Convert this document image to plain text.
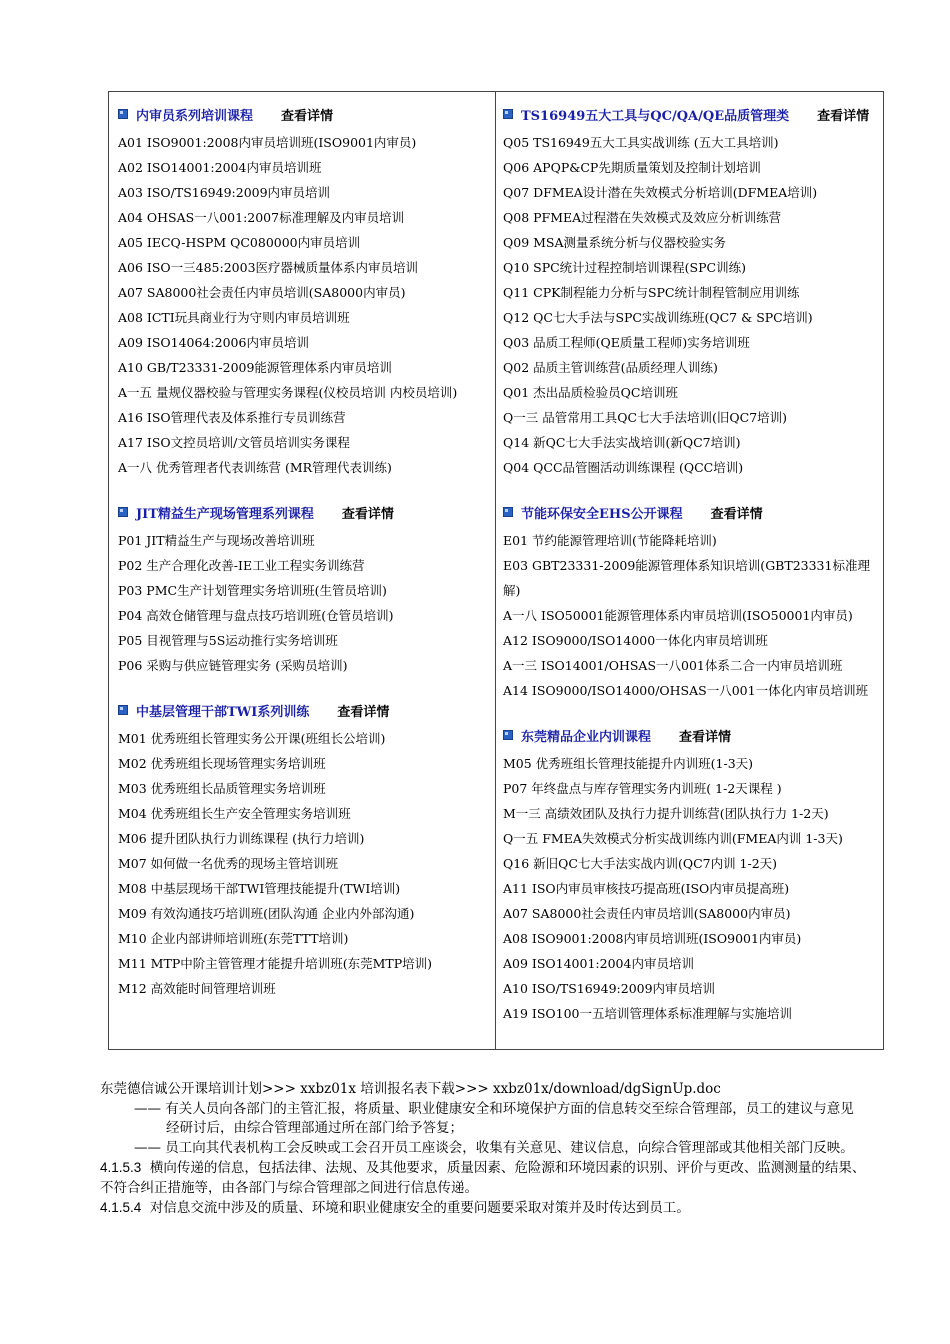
内审员系列培训课程 查看详情
A01 ISO9001:2008内审员培训班(ISO9001内审员)
A02 ISO14001:2004内审员培训班
A03 ISO/TS16949:2009内审员培训
A04 OHSAS一八001:2007标准理解及内审员培训
A05 IECQ-HSPM QC080000内审员培训
A06 ISO一三485:2003医疗器械质量体系内审员培训
A07 SA8000社会责任内审员培训(SA8000内审员)
A08 ICTI玩具商业行为守则内审员培训班
A09 ISO14064:2006内审员培训
A10 GB/T23331-2009能源管理体系内审员培训
A一五 量规仪器校验与管理实务课程(仪校员培训 内校员培训)
A16 ISO管理代表及体系推行专员训练营
A17 ISO文控员培训/文管员培训实务课程
A一八 优秀管理者代表训练营 (MR管理代表训练)
JIT精益生产现场管理系列课程 查看详情
P01 JIT精益生产与现场改善培训班
P02 生产合理化改善-IE工业工程实务训练营
P03 PMC生产计划管理实务培训班(生管员培训)
P04 高效仓储管理与盘点技巧培训班(仓管员培训)
P05 目视管理与5S运动推行实务培训班
P06 采购与供应链管理实务 (采购员培训)
中基层管理干部TWI系列训练 查看详情
M01 优秀班组长管理实务公开课(班组长公培训)
M02 优秀班组长现场管理实务培训班
M03 优秀班组长品质管理实务培训班
M04 优秀班组长生产安全管理实务培训班
M06 提升团队执行力训练课程 (执行力培训)
M07 如何做一名优秀的现场主管培训班
M08 中基层现场干部TWI管理技能提升(TWI培训)
M09 有效沟通技巧培训班(团队沟通 企业内外部沟通)
M10 企业内部讲师培训班(东莞TTT培训)
M11 MTP中阶主管管理才能提升培训班(东莞MTP培训)
M12 高效能时间管理培训班
TS16949五大工具与QC/QA/QE品质管理类 查看详情
Q05 TS16949五大工具实战训练 (五大工具培训)
Q06 APQP&CP先期质量策划及控制计划培训
Q07 DFMEA设计潜在失效模式分析培训(DFMEA培训)
Q08 PFMEA过程潜在失效模式及效应分析训练营
Q09 MSA测量系统分析与仪器校验实务
Q10 SPC统计过程控制培训课程(SPC训练)
Q11 CPK制程能力分析与SPC统计制程管制应用训练
Q12 QC七大手法与SPC实战训练班(QC7 & SPC培训)
Q03 品质工程师(QE质量工程师)实务培训班
Q02 品质主管训练营(品质经理人训练)
Q01 杰出品质检验员QC培训班
Q一三 品管常用工具QC七大手法培训(旧QC7培训)
Q14 新QC七大手法实战培训(新QC7培训)
Q04 QCC品管圈活动训练课程 (QCC培训)
节能环保安全EHS公开课程 查看详情
E01 节约能源管理培训(节能降耗培训)
E03 GBT23331-2009能源管理体系知识培训(GBT23331标准理解)
A一八 ISO50001能源管理体系内审员培训(ISO50001内审员)
A12 ISO9000/ISO14000一体化内审员培训班
A一三 ISO14001/OHSAS一八001体系二合一内审员培训班
A14 ISO9000/ISO14000/OHSAS一八001一体化内审员培训班
东莞精品企业内训课程 查看详情
M05 优秀班组长管理技能提升内训班(1-3天)
P07 年终盘点与库存管理实务内训班( 1-2天课程 )
M一三 高绩效团队及执行力提升训练营(团队执行力 1-2天)
Q一五 FMEA失效模式分析实战训练内训(FMEA内训 1-3天)
Q16 新旧QC七大手法实战内训(QC7内训 1-2天)
A11 ISO内审员审核技巧提高班(ISO内审员提高班)
A07 SA8000社会责任内审员培训(SA8000内审员)
A08 ISO9001:2008内审员培训班(ISO9001内审员)
A09 ISO14001:2004内审员培训
A10 ISO/TS16949:2009内审员培训
A19 ISO100一五培训管理体系标准理解与实施培训

东莞德信诚公开课培训计划>>> xxbz01x 培训报名表下载>>> xxbz01x/download/dgSignUp.doc

—— 有关人员向各部门的主管汇报，将质量、职业健康安全和环境保护方面的信息转交至综合管理部，员工的建议与意见经研讨后，由综合管理部通过所在部门给予答复；

—— 员工向其代表机构工会反映或工会召开员工座谈会，收集有关意见、建议信息，向综合管理部或其他相关部门反映。

4.1.5.3 横向传递的信息，包括法律、法规、及其他要求，质量因素、危险源和环境因素的识别、评价与更改、监测测量的结果、不符合纠正措施等，由各部门与综合管理部之间进行信息传递。

4.1.5.4 对信息交流中涉及的质量、环境和职业健康安全的重要问题要采取对策并及时传达到员工。
